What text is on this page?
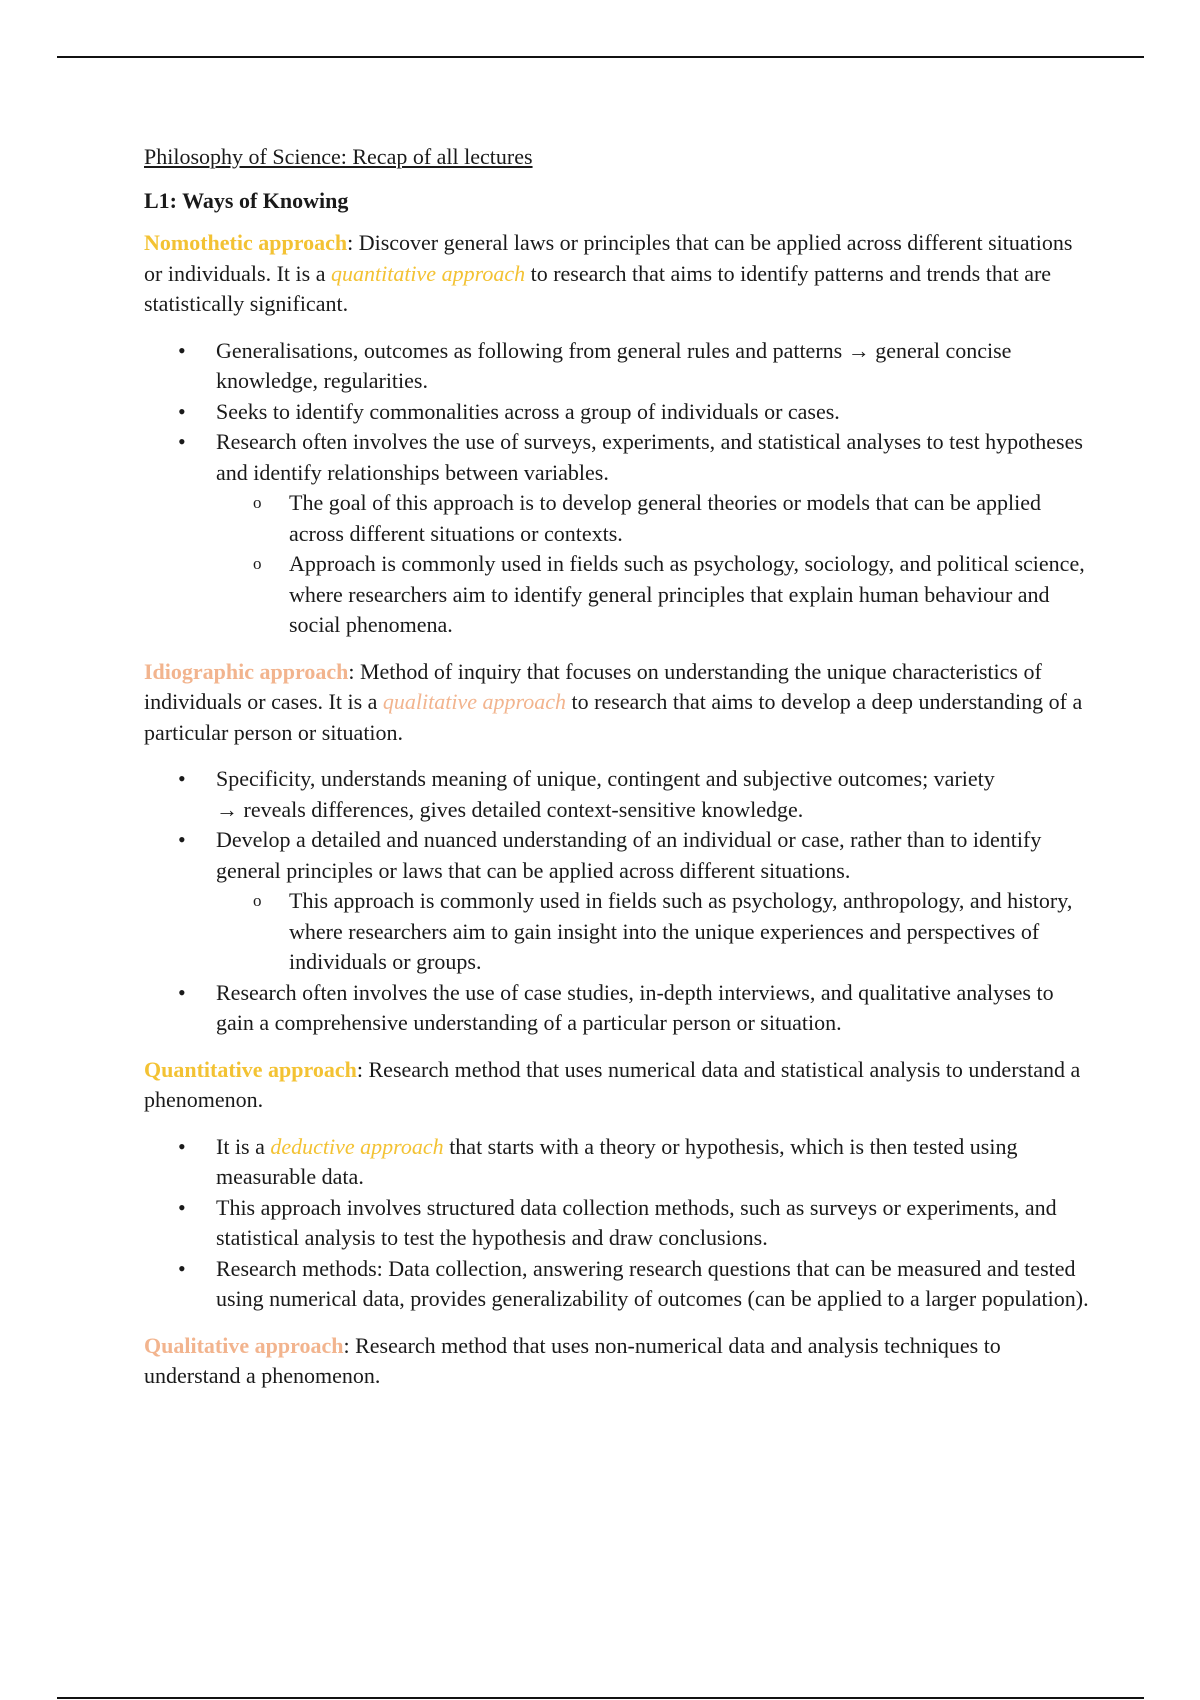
Philosophy of Science: Recap of all lectures
L1: Ways of Knowing

Nomothetic approach: Discover general laws or principles that can be applied across different situations or individuals. It is a quantitative approach to research that aims to identify patterns and trends that are statistically significant.

• Generalisations, outcomes as following from general rules and patterns → general concise knowledge, regularities.
• Seeks to identify commonalities across a group of individuals or cases.
• Research often involves the use of surveys, experiments, and statistical analyses to test hypotheses and identify relationships between variables.
o The goal of this approach is to develop general theories or models that can be applied across different situations or contexts.
o Approach is commonly used in fields such as psychology, sociology, and political science, where researchers aim to identify general principles that explain human behaviour and social phenomena.

Idiographic approach: Method of inquiry that focuses on understanding the unique characteristics of individuals or cases. It is a qualitative approach to research that aims to develop a deep understanding of a particular person or situation.

• Specificity, understands meaning of unique, contingent and subjective outcomes; variety
→ reveals differences, gives detailed context-sensitive knowledge.
• Develop a detailed and nuanced understanding of an individual or case, rather than to identify general principles or laws that can be applied across different situations.
o This approach is commonly used in fields such as psychology, anthropology, and history, where researchers aim to gain insight into the unique experiences and perspectives of individuals or groups.
• Research often involves the use of case studies, in-depth interviews, and qualitative analyses to gain a comprehensive understanding of a particular person or situation.

Quantitative approach: Research method that uses numerical data and statistical analysis to understand a phenomenon.

• It is a deductive approach that starts with a theory or hypothesis, which is then tested using measurable data.
• This approach involves structured data collection methods, such as surveys or experiments, and statistical analysis to test the hypothesis and draw conclusions.
• Research methods: Data collection, answering research questions that can be measured and tested using numerical data, provides generalizability of outcomes (can be applied to a larger population).

Qualitative approach: Research method that uses non-numerical data and analysis techniques to understand a phenomenon.
